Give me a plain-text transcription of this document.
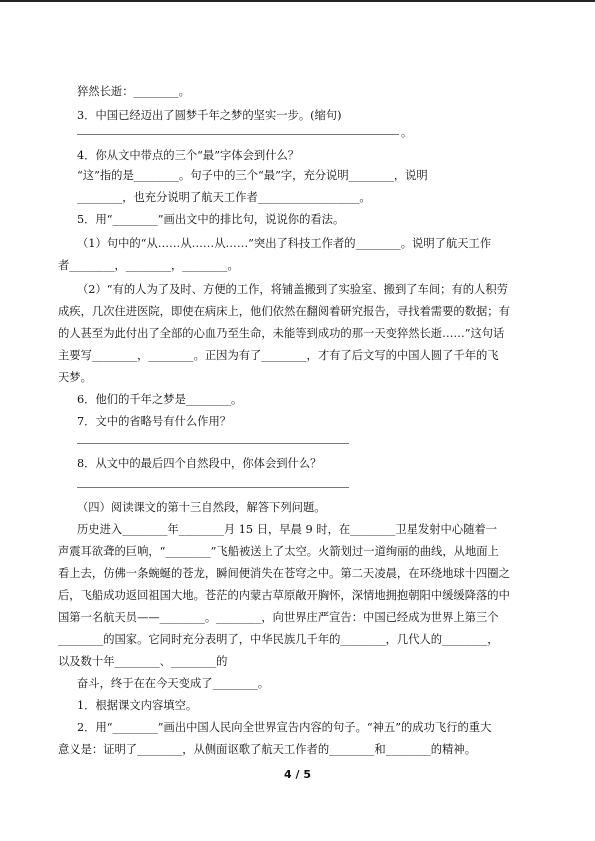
猝然长逝：________。
3．中国已经迈出了圆梦千年之梦的坚实一步。(缩句)
。
4．你从文中带点的三个“最”字体会到什么？
“这”指的是________。句子中的三个“最”字，充分说明________，说明
________，也充分说明了航天工作者__________________。
5．用“________”画出文中的排比句，说说你的看法。
（1）句中的“从……从……从……”突出了科技工作者的________。说明了航天工作
者________，________，________。
（2）“有的人为了及时、方便的工作，将铺盖搬到了实验室、搬到了车间；有的人积劳
成疾，几次住进医院，即使在病床上，他们依然在翻阅着研究报告，寻找着需要的数据；有
的人甚至为此付出了全部的心血乃至生命，未能等到成功的那一天变猝然长逝……”这句话
主要写________，________。正因为有了________，才有了后文写的中国人圆了千年的飞
天梦。
6．他们的千年之梦是________。
7．文中的省略号有什么作用？
8．从文中的最后四个自然段中，你体会到什么？
（四）阅读课文的第十三自然段，解答下列问题。
历史进入________年________月 15 日，早晨 9 时，在________卫星发射中心随着一
声震耳欲聋的巨响，“________”飞船被送上了太空。火箭划过一道绚丽的曲线，从地面上
看上去，仿佛一条蜿蜒的苍龙，瞬间便消失在苍穹之中。第二天凌晨，在环绕地球十四圈之
后，飞船成功返回祖国大地。苍茫的内蒙古草原敞开胸怀，深情地拥抱朝阳中缓缓降落的中
国第一名航天员——________。________，向世界庄严宣告：中国已经成为世界上第三个
________的国家。它同时充分表明了，中华民族几千年的________，几代人的________，
以及数十年________、________的
奋斗，终于在在今天变成了________。
1．根据课文内容填空。
2．用“________”画出中国人民向全世界宣告内容的句子。“神五”的成功飞行的重大
意义是：证明了________，从侧面讴歌了航天工作者的________和________的精神。
4 / 5
